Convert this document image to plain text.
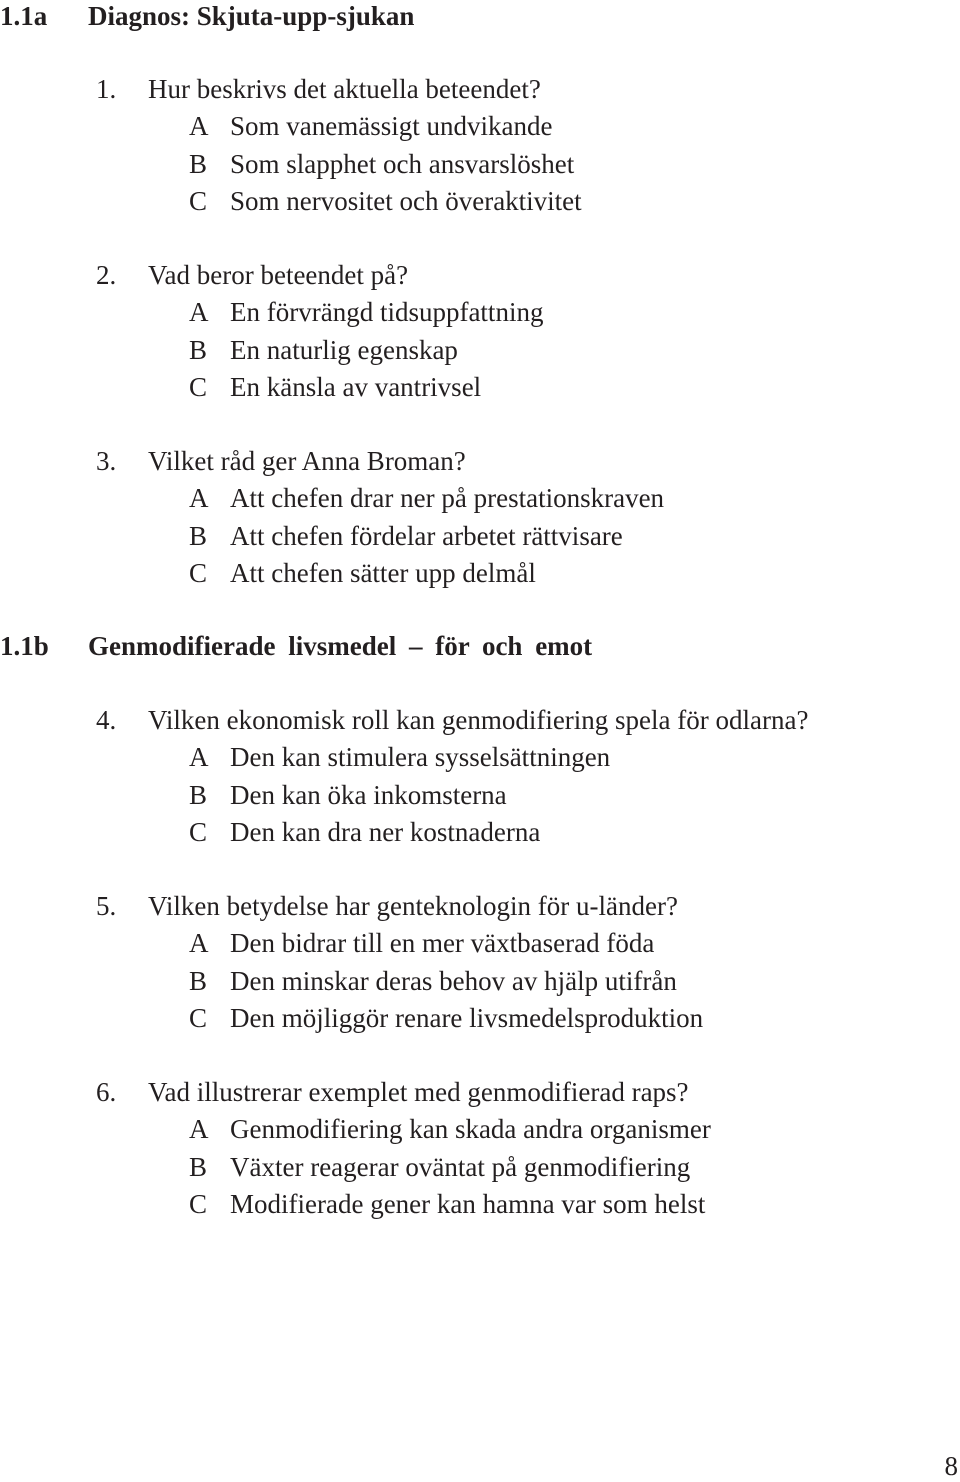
1.1a Diagnos: Skjuta-upp-sjukan
1. Hur beskrivs det aktuella beteendet?
A Som vanemässigt undvikande
B Som slapphet och ansvarslöshet
C Som nervositet och överaktivitet
2. Vad beror beteendet på?
A En förvrängd tidsuppfattning
B En naturlig egenskap
C En känsla av vantrivsel
3. Vilket råd ger Anna Broman?
A Att chefen drar ner på prestationskraven
B Att chefen fördelar arbetet rättvisare
C Att chefen sätter upp delmål
1.1b Genmodifierade livsmedel – för och emot
4. Vilken ekonomisk roll kan genmodifiering spela för odlarna?
A Den kan stimulera sysselsättningen
B Den kan öka inkomsterna
C Den kan dra ner kostnaderna
5. Vilken betydelse har genteknologin för u-länder?
A Den bidrar till en mer växtbaserad föda
B Den minskar deras behov av hjälp utifrån
C Den möjliggör renare livsmedelsproduktion
6. Vad illustrerar exemplet med genmodifierad raps?
A Genmodifiering kan skada andra organismer
B Växter reagerar oväntat på genmodifiering
C Modifierade gener kan hamna var som helst
8
